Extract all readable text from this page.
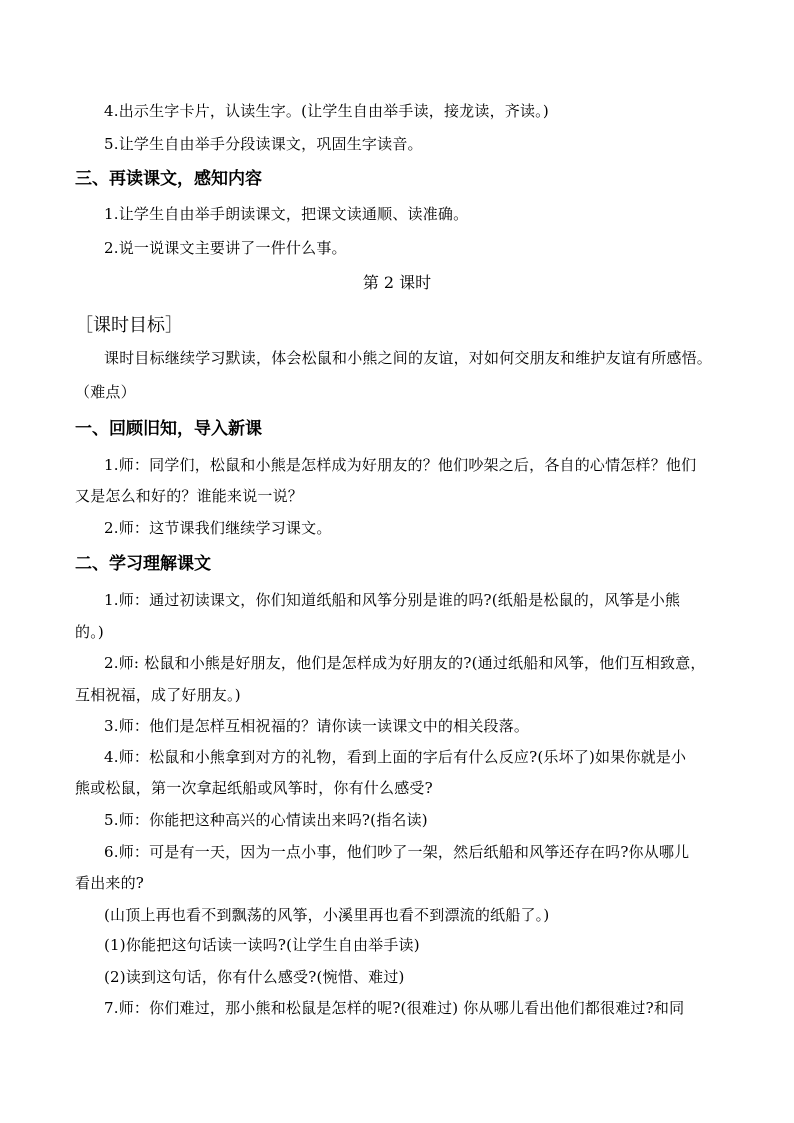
4.出示生字卡片，认读生字。(让学生自由举手读，接龙读，齐读。)
5.让学生自由举手分段读课文，巩固生字读音。
三、再读课文，感知内容
1.让学生自由举手朗读课文，把课文读通顺、读准确。
2.说一说课文主要讲了一件什么事。
第 2 课时
［课时目标］
课时目标继续学习默读，体会松鼠和小熊之间的友谊，对如何交朋友和维护友谊有所感悟。
（难点）
一、回顾旧知，导入新课
1.师：同学们，松鼠和小熊是怎样成为好朋友的？他们吵架之后，各自的心情怎样？他们
又是怎么和好的？谁能来说一说？
2.师：这节课我们继续学习课文。
二、学习理解课文
1.师：通过初读课文，你们知道纸船和风筝分别是谁的吗?(纸船是松鼠的，风筝是小熊
的。)
2.师: 松鼠和小熊是好朋友，他们是怎样成为好朋友的?(通过纸船和风筝，他们互相致意，
互相祝福，成了好朋友。)
3.师：他们是怎样互相祝福的？请你读一读课文中的相关段落。
4.师：松鼠和小熊拿到对方的礼物，看到上面的字后有什么反应?(乐坏了)如果你就是小
熊或松鼠，第一次拿起纸船或风筝时，你有什么感受?
5.师：你能把这种高兴的心情读出来吗?(指名读)
6.师：可是有一天，因为一点小事，他们吵了一架，然后纸船和风筝还存在吗?你从哪儿
看出来的?
(山顶上再也看不到飘荡的风筝，小溪里再也看不到漂流的纸船了。)
(1)你能把这句话读一读吗?(让学生自由举手读)
(2)读到这句话，你有什么感受?(惋惜、难过)
7.师：你们难过，那小熊和松鼠是怎样的呢?(很难过) 你从哪儿看出他们都很难过?和同
